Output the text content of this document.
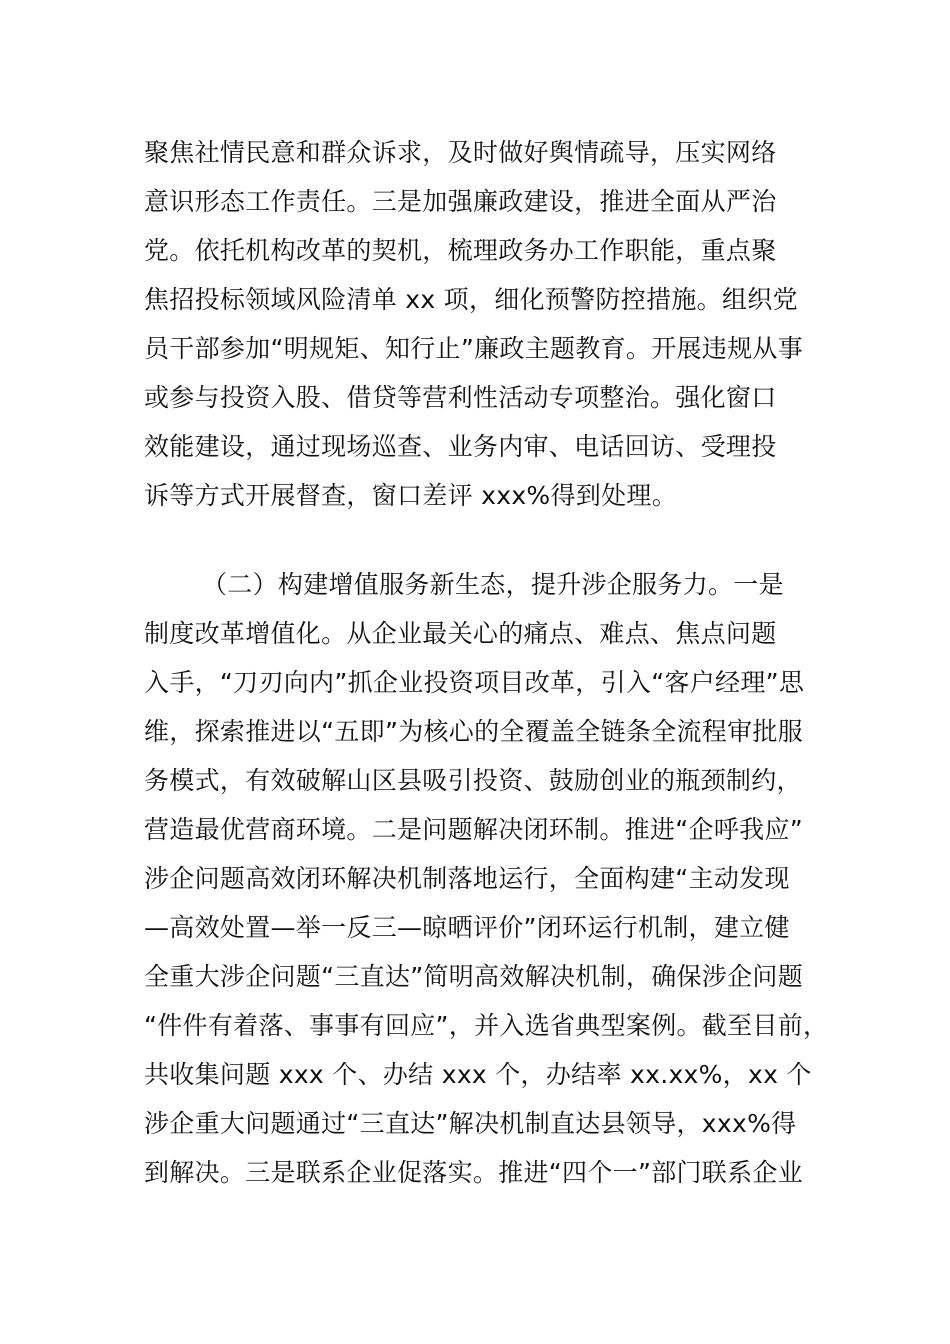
聚焦社情民意和群众诉求，及时做好舆情疏导，压实网络
意识形态工作责任。三是加强廉政建设，推进全面从严治
党。依托机构改革的契机，梳理政务办工作职能，重点聚
焦招投标领域风险清单 xx 项，细化预警防控措施。组织党
员干部参加“明规矩、知行止”廉政主题教育。开展违规从事
或参与投资入股、借贷等营利性活动专项整治。强化窗口
效能建设，通过现场巡查、业务内审、电话回访、受理投
诉等方式开展督查，窗口差评 xxx%得到处理。
（二）构建增值服务新生态，提升涉企服务力。一是
制度改革增值化。从企业最关心的痛点、难点、焦点问题
入手，“刀刃向内”抓企业投资项目改革，引入“客户经理”思
维，探索推进以“五即”为核心的全覆盖全链条全流程审批服
务模式，有效破解山区县吸引投资、鼓励创业的瓶颈制约，
营造最优营商环境。二是问题解决闭环制。推进“企呼我应”
涉企问题高效闭环解决机制落地运行，全面构建“主动发现
—高效处置—举一反三—晾晒评价”闭环运行机制，建立健
全重大涉企问题“三直达”简明高效解决机制，确保涉企问题
“件件有着落、事事有回应”，并入选省典型案例。截至目前，
共收集问题 xxx 个、办结 xxx 个，办结率 xx.xx%，xx 个
涉企重大问题通过“三直达”解决机制直达县领导，xxx%得
到解决。三是联系企业促落实。推进“四个一”部门联系企业
